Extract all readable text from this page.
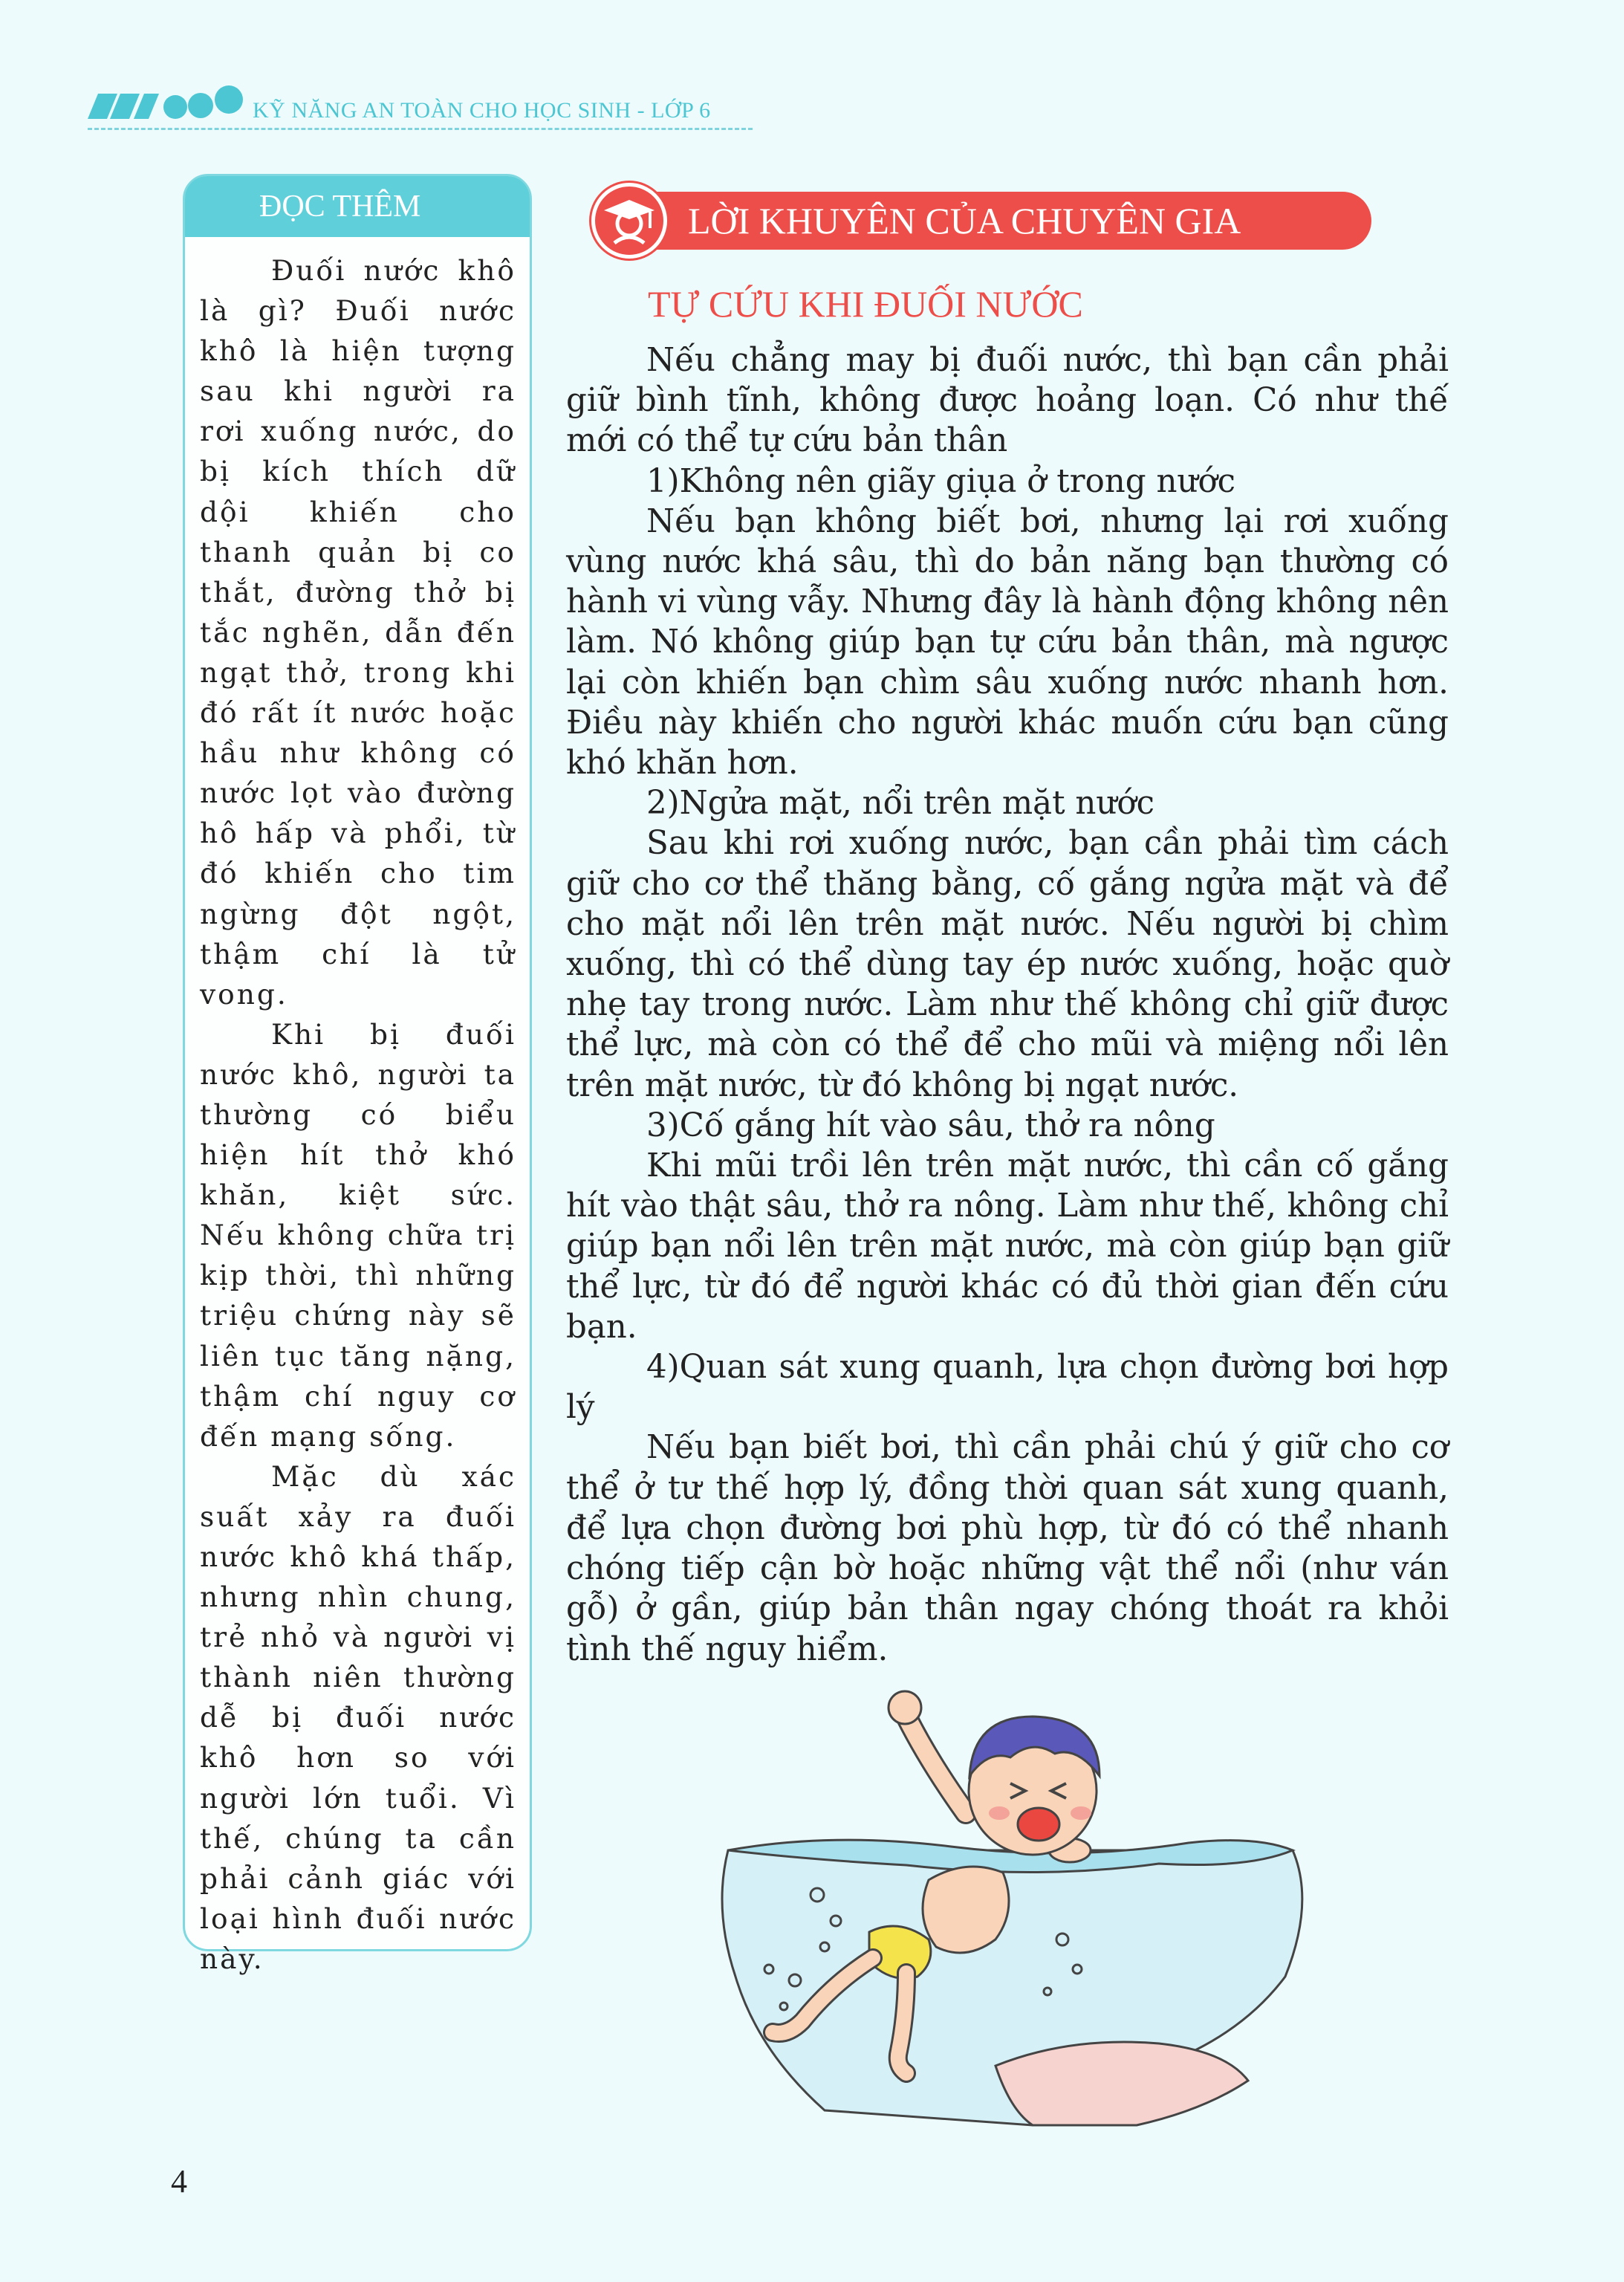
KỸ NĂNG AN TOÀN CHO HỌC SINH - LỚP 6
ĐỌC THÊM

Đuối nước khô là gì? Đuối nước khô là hiện tượng sau khi người ra rơi xuống nước, do bị kích thích dữ dội khiến cho thanh quản bị co thắt, đường thở bị tắc nghẽn, dẫn đến ngạt thở, trong khi đó rất ít nước hoặc hầu như không có nước lọt vào đường hô hấp và phổi, từ đó khiến cho tim ngừng đột ngột, thậm chí là tử vong.

Khi bị đuối nước khô, người ta thường có biểu hiện hít thở khó khăn, kiệt sức. Nếu không chữa trị kịp thời, thì những triệu chứng này sẽ liên tục tăng nặng, thậm chí nguy cơ đến mạng sống.

Mặc dù xác suất xảy ra đuối nước khô khá thấp, nhưng nhìn chung, trẻ nhỏ và người vị thành niên thường dễ bị đuối nước khô hơn so với người lớn tuổi. Vì thế, chúng ta cần phải cảnh giác với loại hình đuối nước này.

LỜI KHUYÊN CỦA CHUYÊN GIA
TỰ CỨU KHI ĐUỐI NƯỚC

Nếu chẳng may bị đuối nước, thì bạn cần phải giữ bình tĩnh, không được hoảng loạn. Có như thế mới có thể tự cứu bản thân

1)Không nên giãy giụa ở trong nước

Nếu bạn không biết bơi, nhưng lại rơi xuống vùng nước khá sâu, thì do bản năng bạn thường có hành vi vùng vẫy. Nhưng đây là hành động không nên làm. Nó không giúp bạn tự cứu bản thân, mà ngược lại còn khiến bạn chìm sâu xuống nước nhanh hơn. Điều này khiến cho người khác muốn cứu bạn cũng khó khăn hơn.

2)Ngửa mặt, nổi trên mặt nước

Sau khi rơi xuống nước, bạn cần phải tìm cách giữ cho cơ thể thăng bằng, cố gắng ngửa mặt và để cho mặt nổi lên trên mặt nước. Nếu người bị chìm xuống, thì có thể dùng tay ép nước xuống, hoặc quờ nhẹ tay trong nước. Làm như thế không chỉ giữ được thể lực, mà còn có thể để cho mũi và miệng nổi lên trên mặt nước, từ đó không bị ngạt nước.

3)Cố gắng hít vào sâu, thở ra nông

Khi mũi trồi lên trên mặt nước, thì cần cố gắng hít vào thật sâu, thở ra nông. Làm như thế, không chỉ giúp bạn nổi lên trên mặt nước, mà còn giúp bạn giữ thể lực, từ đó để người khác có đủ thời gian đến cứu bạn.

4)Quan sát xung quanh, lựa chọn đường bơi hợp lý

Nếu bạn biết bơi, thì cần phải chú ý giữ cho cơ thể ở tư thế hợp lý, đồng thời quan sát xung quanh, để lựa chọn đường bơi phù hợp, từ đó có thể nhanh chóng tiếp cận bờ hoặc những vật thể nổi (như ván gỗ) ở gần, giúp bản thân ngay chóng thoát ra khỏi tình thế nguy hiểm.

4
